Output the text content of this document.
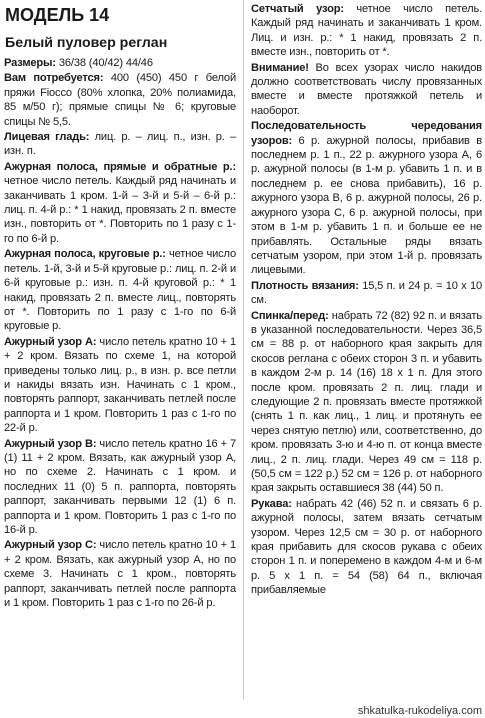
МОДЕЛЬ 14
Белый пуловер реглан

Размеры: 36/38 (40/42) 44/46

Вам потребуется: 400 (450) 450 г белой пряжи Fiocco (80% хлопка, 20% полиамида, 85 м/50 г); прямые спицы № 6; круговые спицы № 5,5.

Лицевая гладь: лиц. р. – лиц. п., изн. р. – изн. п.

Ажурная полоса, прямые и обратные р.: четное число петель. Каждый ряд начинать и заканчивать 1 кром. 1-й – 3-й и 5-й – 6-й р.: лиц. п. 4-й р.: * 1 накид, провязать 2 п. вместе изн., повторить от *. Повторить по 1 разу с 1-го по 6-й р.

Ажурная полоса, круговые р.: четное число петель. 1-й, 3-й и 5-й круговые р.: лиц. п. 2-й и 6-й круговые р.: изн. п. 4-й круговой р.: * 1 накид, провязать 2 п. вместе лиц., повторять от *. Повторить по 1 разу с 1-го по 6-й круговые р.

Ажурный узор А: число петель кратно 10 + 1 + 2 кром. Вязать по схеме 1, на которой приведены только лиц. р., в изн. р. все петли и накиды вязать изн. Начинать с 1 кром., повторять раппорт, заканчивать петлей после раппорта и 1 кром. Повторить 1 раз с 1-го по 22-й р.

Ажурный узор В: число петель кратно 16 + 7 (1) 11 + 2 кром. Вязать, как ажурный узор А, но по схеме 2. Начинать с 1 кром. и последних 11 (0) 5 п. раппорта, повторять раппорт, заканчивать первыми 12 (1) 6 п. раппорта и 1 кром. Повторить 1 раз с 1-го по 16-й р.

Ажурный узор С: число петель кратно 10 + 1 + 2 кром. Вязать, как ажурный узор А, но по схеме 3. Начинать с 1 кром., повторять раппорт, заканчивать петлей после раппорта и 1 кром. Повторить 1 раз с 1-го по 26-й р.

Сетчатый узор: четное число петель. Каждый ряд начинать и заканчивать 1 кром. Лиц. и изн. р.: * 1 накид, провязать 2 п. вместе изн., повторить от *.

Внимание! Во всех узорах число накидов должно соответствовать числу провязанных вместе и вместе протяжкой петель и наоборот.

Последовательность чередования узоров: 6 р. ажурной полосы, прибавив в последнем р. 1 п., 22 р. ажурного узора А, 6 р. ажурной полосы (в 1-м р. убавить 1 п. и в последнем р. ее снова прибавить), 16 р. ажурного узора В, 6 р. ажурной полосы, 26 р. ажурного узора С, 6 р. ажурной полосы, при этом в 1-м р. убавить 1 п. и больше ее не прибавлять. Остальные ряды вязать сетчатым узором, при этом 1-й р. провязать лицевыми.

Плотность вязания: 15,5 п. и 24 р. = 10 х 10 см.

Спинка/перед: набрать 72 (82) 92 п. и вязать в указанной последовательности. Через 36,5 см = 88 р. от наборного края закрыть для скосов реглана с обеих сторон 3 п. и убавить в каждом 2-м р. 14 (16) 18 х 1 п. Для этого после кром. провязать 2 п. лиц. глади и следующие 2 п. провязать вместе протяжкой (снять 1 п. как лиц., 1 лиц. и протянуть ее через снятую петлю) или, соответственно, до кром. провязать 3-ю и 4-ю п. от конца вместе лиц., 2 п. лиц. глади. Через 49 см = 118 р. (50,5 см = 122 р.) 52 см = 126 р. от наборного края закрыть оставшиеся 38 (44) 50 п.

Рукава: набрать 42 (46) 52 п. и связать 6 р. ажурной полосы, затем вязать сетчатым узором. Через 12,5 см = 30 р. от наборного края прибавить для скосов рукава с обеих сторон 1 п. и поперемено в каждом 4-м и 6-м р. 5 х 1 п. = 54 (58) 64 п., включая прибавляемые

shkatulka-rukodeliya.com
